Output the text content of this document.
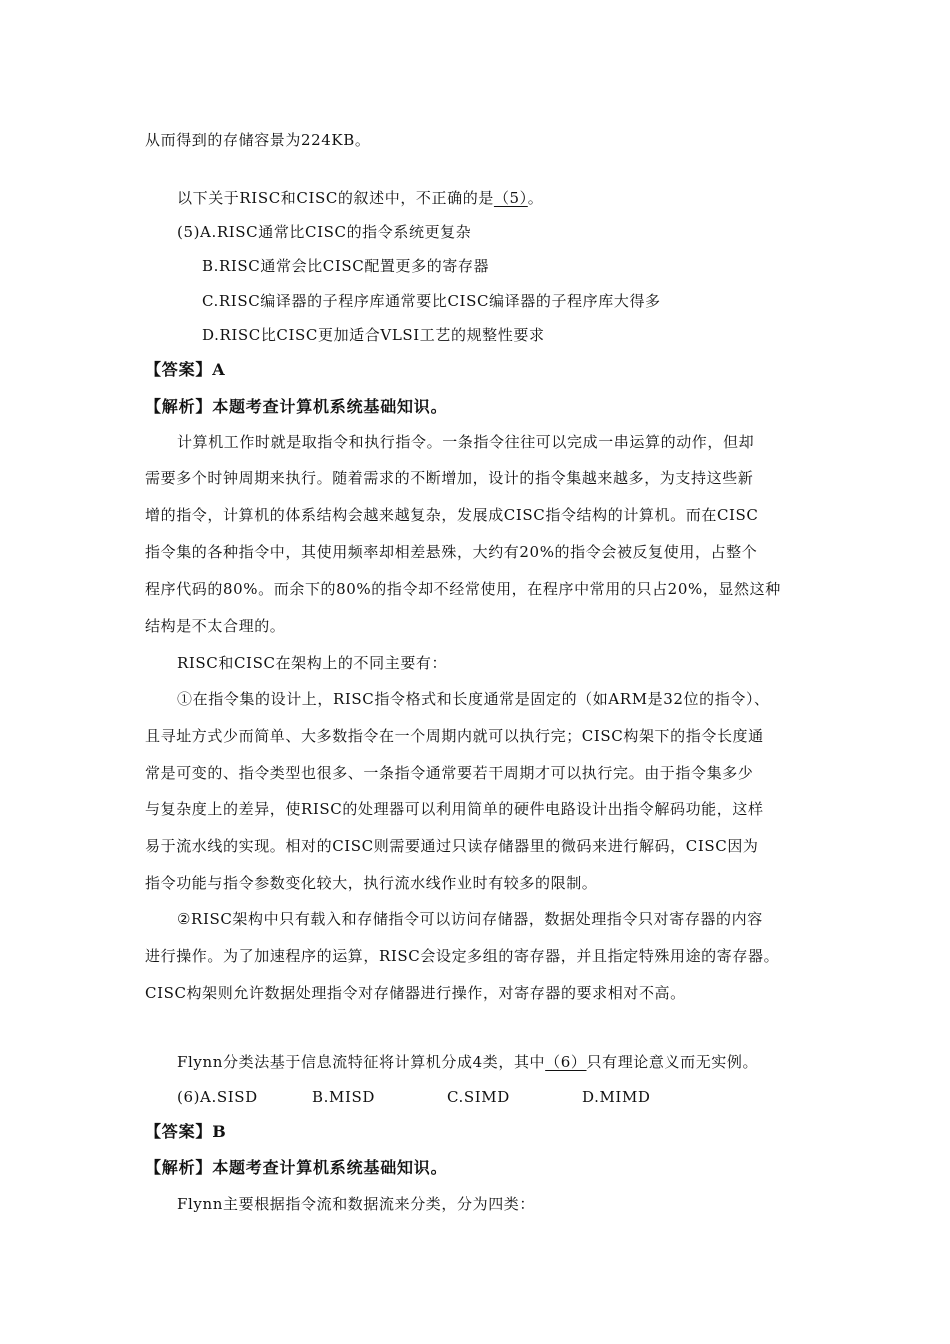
从而得到的存储容景为224KB。
以下关于RISC和CISC的叙述中，不正确的是（5）。
(5)A.RISC通常比CISC的指令系统更复杂
B.RISC通常会比CISC配置更多的寄存器
C.RISC编译器的子程序库通常要比CISC编译器的子程序库大得多
D.RISC比CISC更加适合VLSI工艺的规整性要求
【答案】A
【解析】本题考查计算机系统基础知识。
计算机工作时就是取指令和执行指令。一条指令往往可以完成一串运算的动作，但却
需要多个时钟周期来执行。随着需求的不断增加，设计的指令集越来越多，为支持这些新
增的指令，计算机的体系结构会越来越复杂，发展成CISC指令结构的计算机。而在CISC
指令集的各种指令中，其使用频率却相差悬殊，大约有20%的指令会被反复使用，占整个
程序代码的80%。而余下的80%的指令却不经常使用，在程序中常用的只占20%，显然这种
结构是不太合理的。
RISC和CISC在架构上的不同主要有：
①在指令集的设计上，RISC指令格式和长度通常是固定的（如ARM是32位的指令）、
且寻址方式少而简单、大多数指令在一个周期内就可以执行完；CISC构架下的指令长度通
常是可变的、指令类型也很多、一条指令通常要若干周期才可以执行完。由于指令集多少
与复杂度上的差异，使RISC的处理器可以利用简单的硬件电路设计出指令解码功能，这样
易于流水线的实现。相对的CISC则需要通过只读存储器里的微码来进行解码，CISC因为
指令功能与指令参数变化较大，执行流水线作业时有较多的限制。
②RISC架构中只有载入和存储指令可以访问存储器，数据处理指令只对寄存器的内容
进行操作。为了加速程序的运算，RISC会设定多组的寄存器，并且指定特殊用途的寄存器。
CISC构架则允许数据处理指令对存储器进行操作，对寄存器的要求相对不高。
Flynn分类法基于信息流特征将计算机分成4类，其中（6）只有理论意义而无实例。
(6)A.SISD	B.MISD	C.SIMD	D.MIMD
【答案】B
【解析】本题考查计算机系统基础知识。
Flynn主要根据指令流和数据流来分类，分为四类：
